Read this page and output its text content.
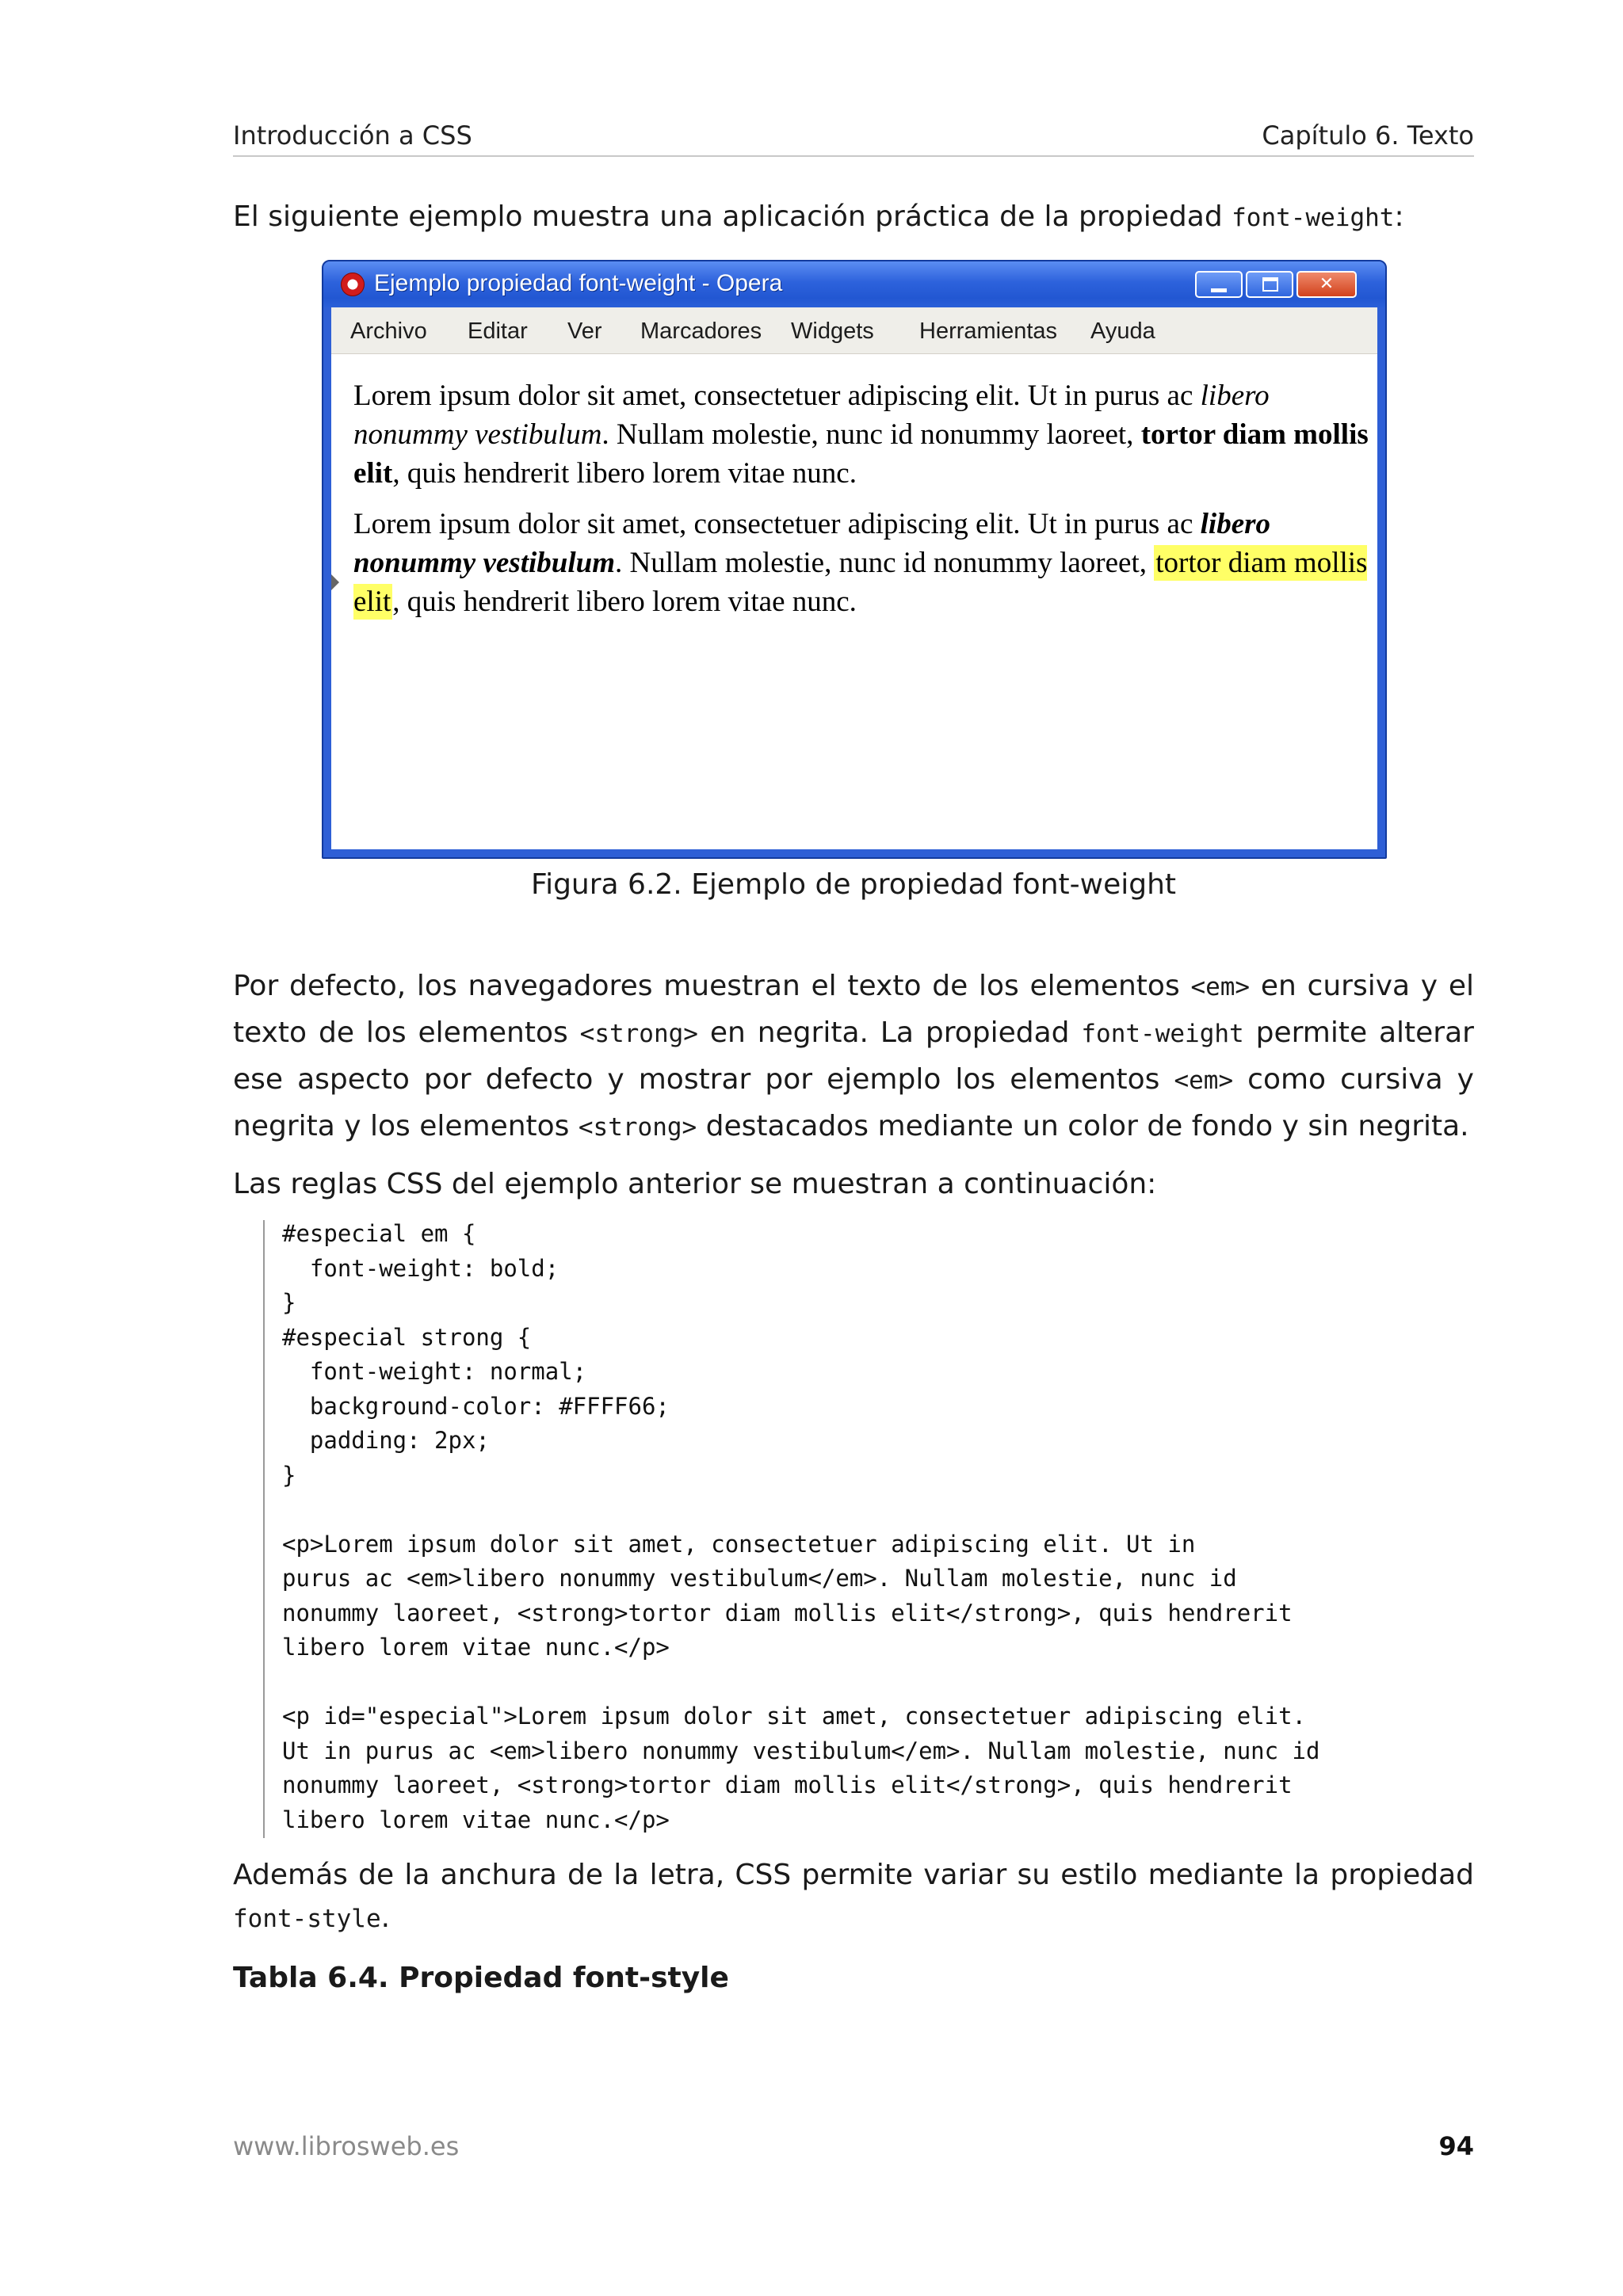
Introducción a CSS	Capítulo 6. Texto
El siguiente ejemplo muestra una aplicación práctica de la propiedad font-weight:
Ejemplo propiedad font-weight - Opera	✕
Archivo Editar Ver Marcadores Widgets Herramientas Ayuda

Lorem ipsum dolor sit amet, consectetuer adipiscing elit. Ut in purus ac libero nonummy vestibulum. Nullam molestie, nunc id nonummy laoreet, tortor diam mollis elit, quis hendrerit libero lorem vitae nunc.

Lorem ipsum dolor sit amet, consectetuer adipiscing elit. Ut in purus ac libero nonummy vestibulum. Nullam molestie, nunc id nonummy laoreet, tortor diam mollis elit, quis hendrerit libero lorem vitae nunc.

Figura 6.2. Ejemplo de propiedad font-weight
Por defecto, los navegadores muestran el texto de los elementos <em> en cursiva y el texto de los elementos <strong> en negrita. La propiedad font-weight permite alterar ese aspecto por defecto y mostrar por ejemplo los elementos <em> como cursiva y negrita y los elementos <strong> destacados mediante un color de fondo y sin negrita.
Las reglas CSS del ejemplo anterior se muestran a continuación:
#especial em {
font-weight: bold;
}
#especial strong {
font-weight: normal;
background-color: #FFFF66;
padding: 2px;
}

<p>Lorem ipsum dolor sit amet, consectetuer adipiscing elit. Ut in
purus ac <em>libero nonummy vestibulum</em>. Nullam molestie, nunc id
nonummy laoreet, <strong>tortor diam mollis elit</strong>, quis hendrerit
libero lorem vitae nunc.</p>

<p id="especial">Lorem ipsum dolor sit amet, consectetuer adipiscing elit.
Ut in purus ac <em>libero nonummy vestibulum</em>. Nullam molestie, nunc id
nonummy laoreet, <strong>tortor diam mollis elit</strong>, quis hendrerit
libero lorem vitae nunc.</p>
Además de la anchura de la letra, CSS permite variar su estilo mediante la propiedad font-style.
Tabla 6.4. Propiedad font-style
www.librosweb.es	94
